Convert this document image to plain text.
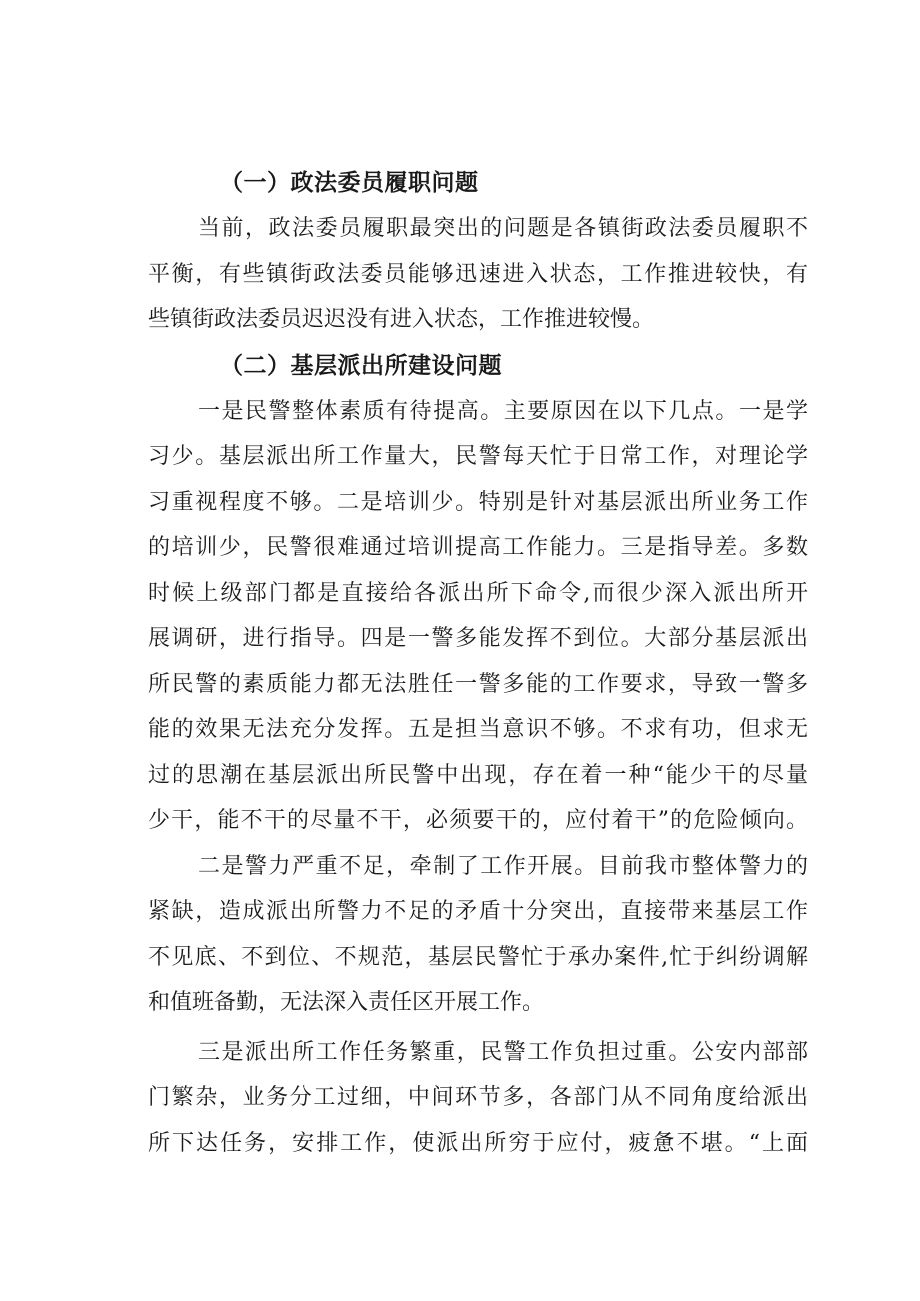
（一）政法委员履职问题
当前，政法委员履职最突出的问题是各镇街政法委员履职不
平衡，有些镇街政法委员能够迅速进入状态，工作推进较快，有
些镇街政法委员迟迟没有进入状态，工作推进较慢。
（二）基层派出所建设问题
一是民警整体素质有待提高。主要原因在以下几点。一是学
习少。基层派出所工作量大，民警每天忙于日常工作，对理论学
习重视程度不够。二是培训少。特别是针对基层派出所业务工作
的培训少，民警很难通过培训提高工作能力。三是指导差。多数
时候上级部门都是直接给各派出所下命令,而很少深入派出所开
展调研，进行指导。四是一警多能发挥不到位。大部分基层派出
所民警的素质能力都无法胜任一警多能的工作要求，导致一警多
能的效果无法充分发挥。五是担当意识不够。不求有功，但求无
过的思潮在基层派出所民警中出现，存在着一种“能少干的尽量
少干，能不干的尽量不干，必须要干的，应付着干”的危险倾向。
二是警力严重不足，牵制了工作开展。目前我市整体警力的
紧缺，造成派出所警力不足的矛盾十分突出，直接带来基层工作
不见底、不到位、不规范，基层民警忙于承办案件,忙于纠纷调解
和值班备勤，无法深入责任区开展工作。
三是派出所工作任务繁重，民警工作负担过重。公安内部部
门繁杂，业务分工过细，中间环节多，各部门从不同角度给派出
所下达任务，安排工作，使派出所穷于应付，疲惫不堪。“上面
